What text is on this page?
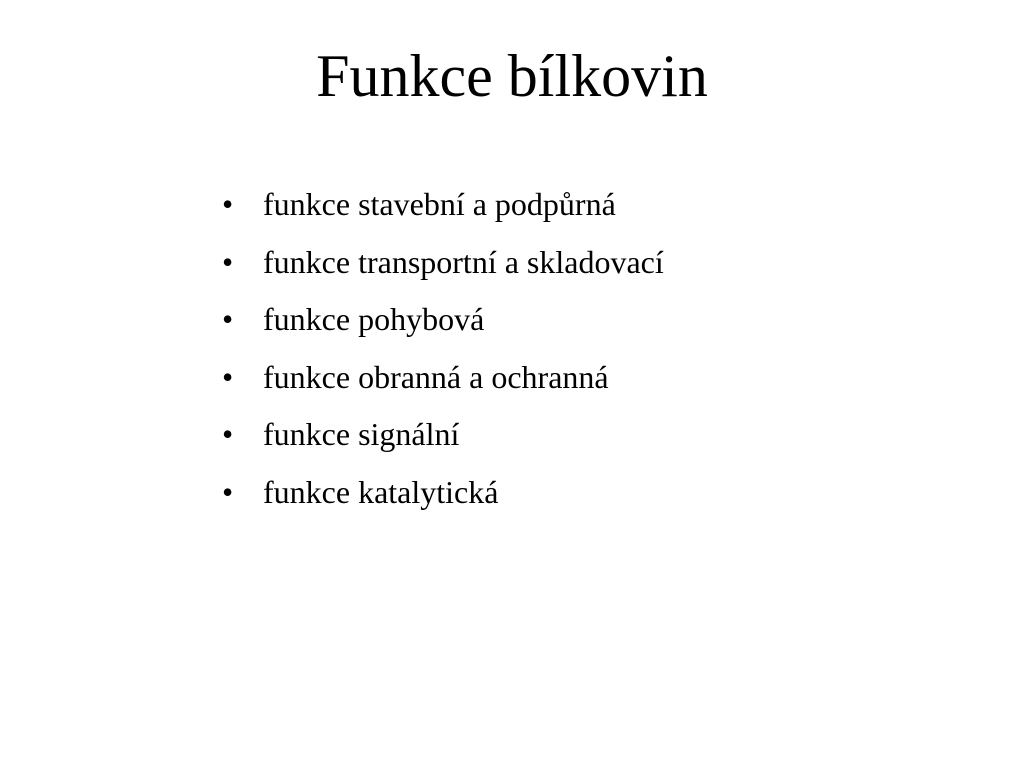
Funkce bílkovin
• funkce stavební a podpůrná
• funkce transportní a skladovací
• funkce pohybová
• funkce obranná a ochranná
• funkce signální
• funkce katalytická
